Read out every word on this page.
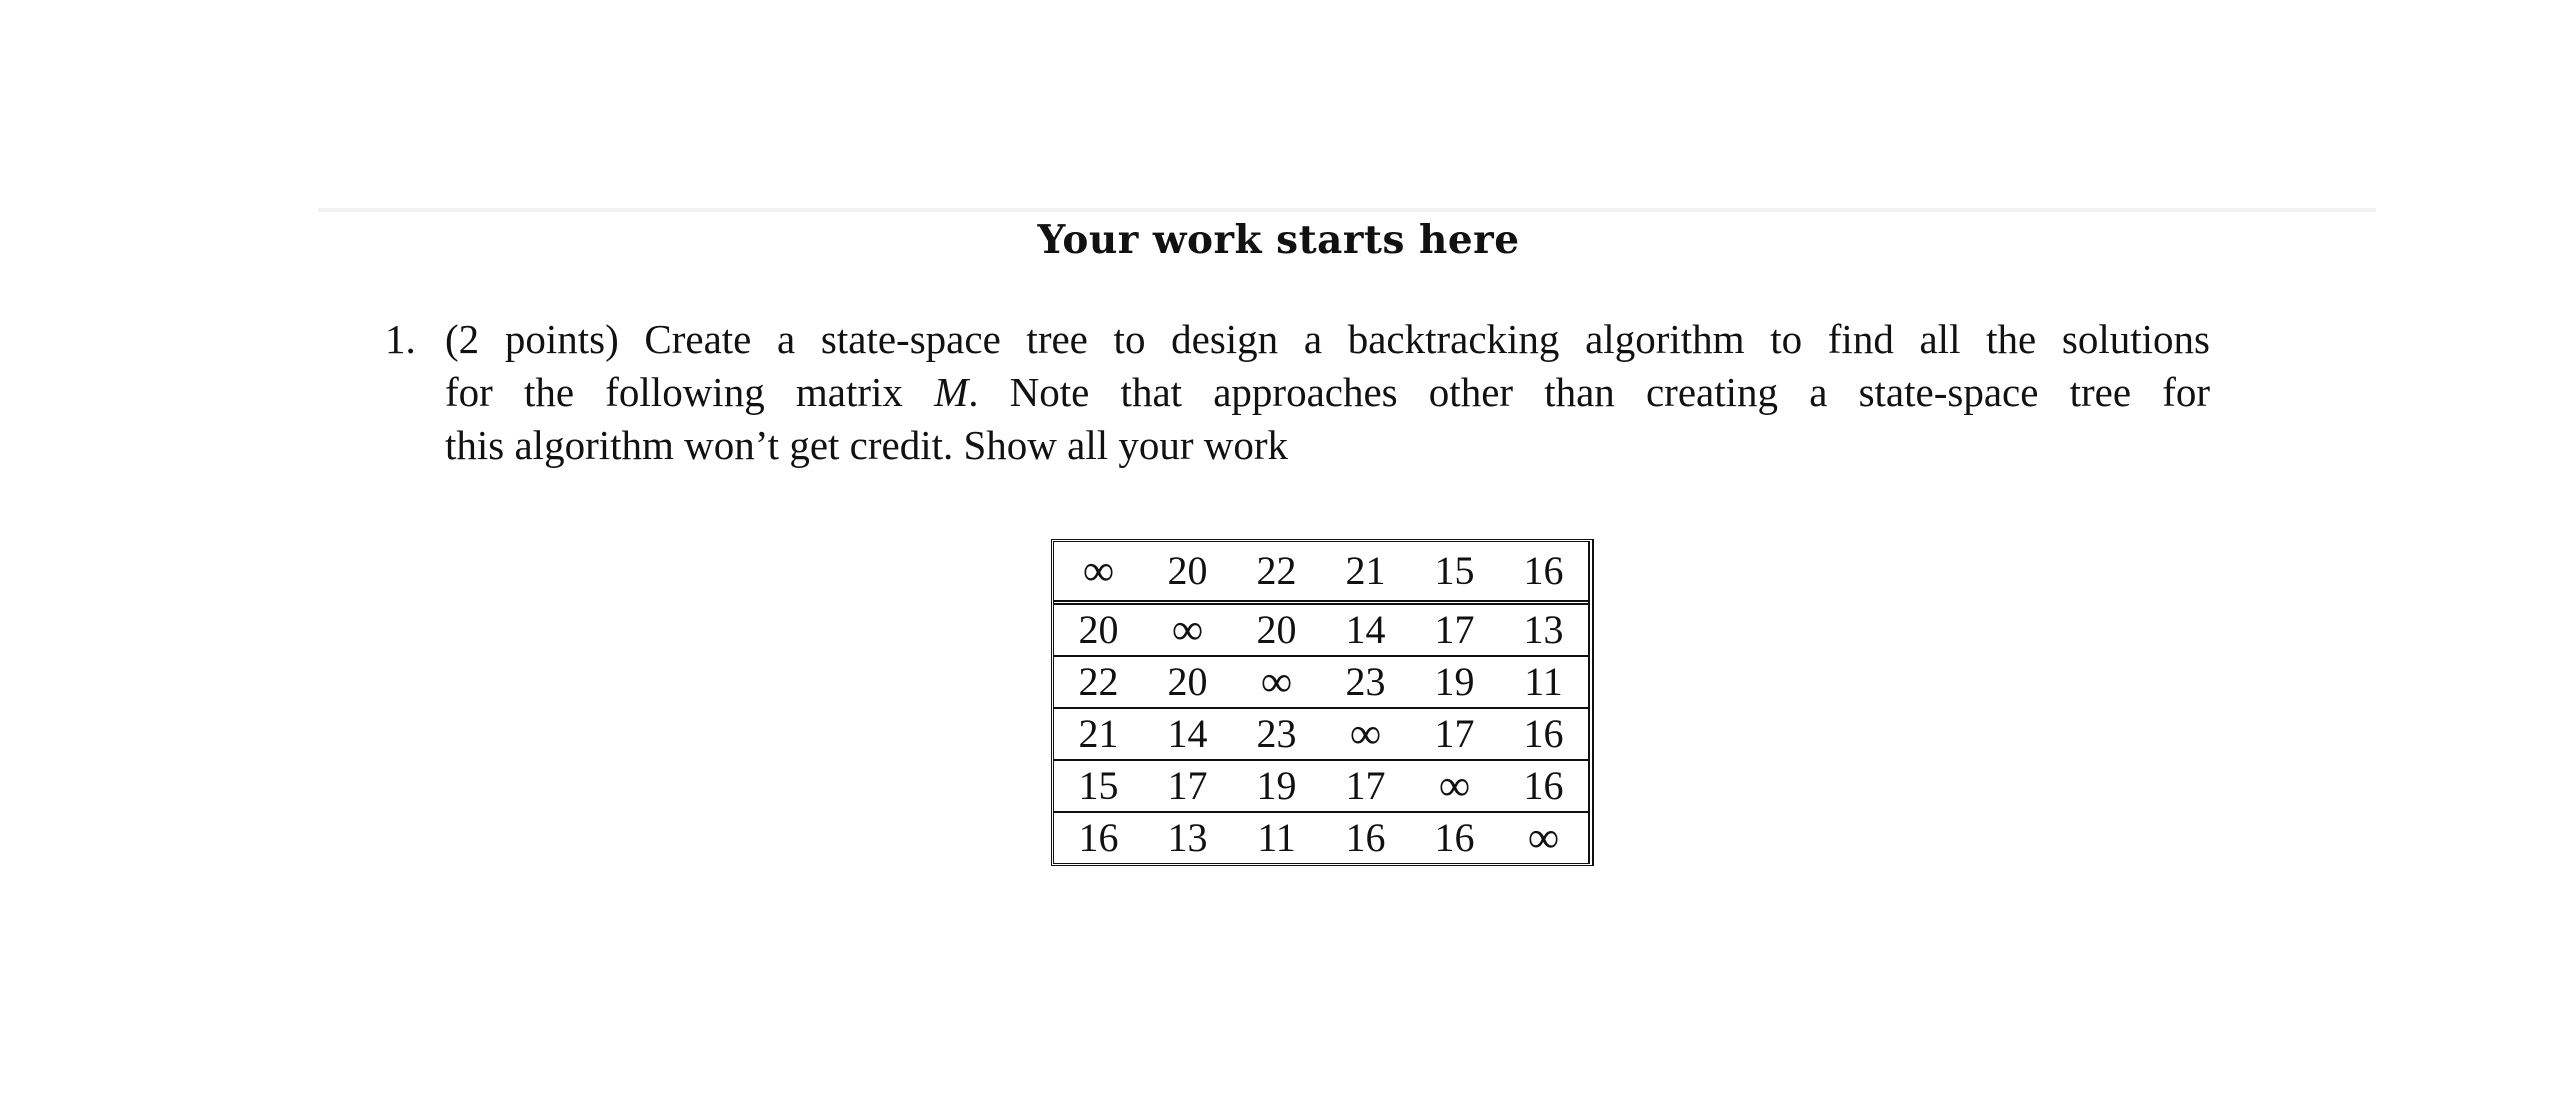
Your work starts here
1. (2 points) Create a state-space tree to design a backtracking algorithm to find all the solutions
for the following matrix M. Note that approaches other than creating a state-space tree for
this algorithm won’t get credit. Show all your work
∞	20	22	21	15	16
20	∞	20	14	17	13
22	20	∞	23	19	11
21	14	23	∞	17	16
15	17	19	17	∞	16
16	13	11	16	16	∞
